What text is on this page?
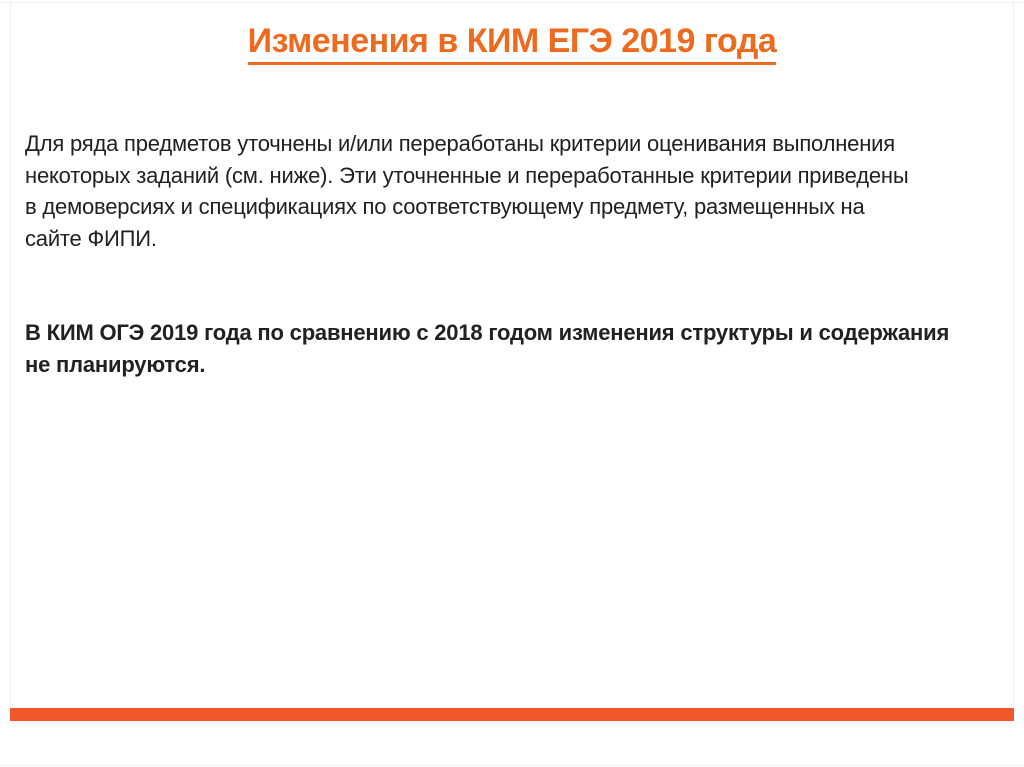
Изменения в КИМ ЕГЭ 2019 года
Для ряда предметов уточнены и/или переработаны критерии оценивания выполнения
некоторых заданий (см. ниже). Эти уточненные и переработанные критерии приведены
в демоверсиях и спецификациях по соответствующему предмету, размещенных на
сайте ФИПИ.
В КИМ ОГЭ 2019 года по сравнению с 2018 годом изменения структуры и содержания
не планируются.
